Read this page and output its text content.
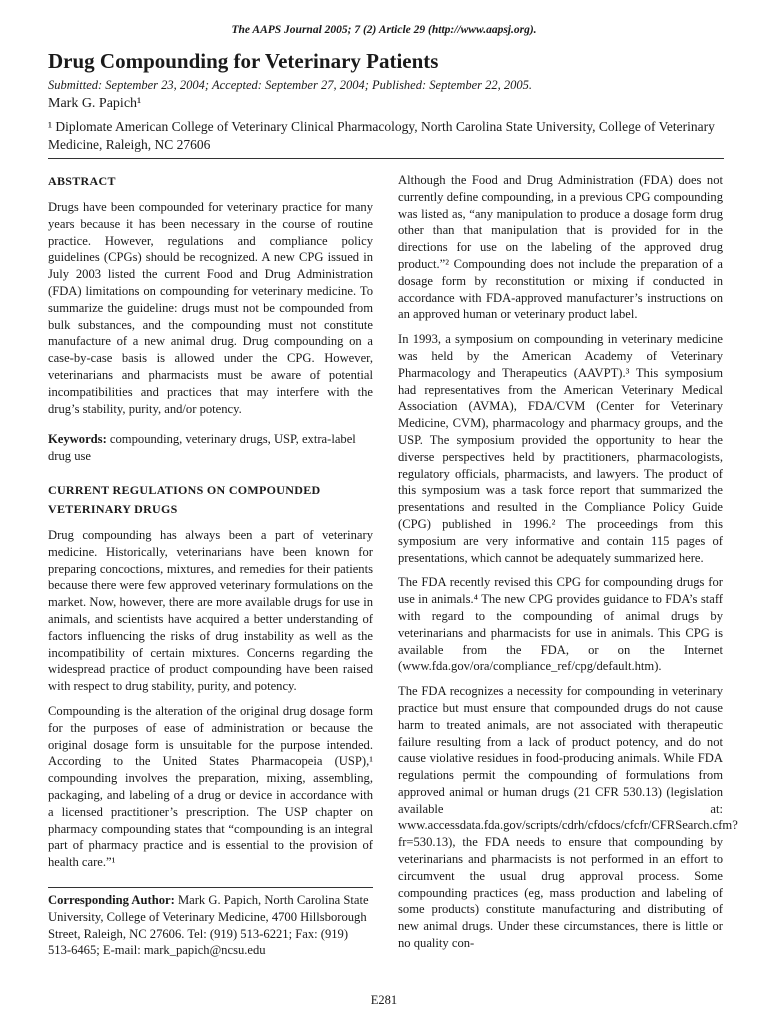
The AAPS Journal 2005; 7 (2) Article 29 (http://www.aapsj.org).
Drug Compounding for Veterinary Patients
Submitted: September 23, 2004; Accepted: September 27, 2004; Published: September 22, 2005.
Mark G. Papich¹
¹ Diplomate American College of Veterinary Clinical Pharmacology, North Carolina State University, College of Veterinary Medicine, Raleigh, NC 27606
ABSTRACT

Drugs have been compounded for veterinary practice for many years because it has been necessary in the course of routine practice. However, regulations and compliance policy guidelines (CPGs) should be recognized. A new CPG issued in July 2003 listed the current Food and Drug Administration (FDA) limitations on compounding for veterinary medicine. To summarize the guideline: drugs must not be compounded from bulk substances, and the compounding must not constitute manufacture of a new animal drug. Drug compounding on a case-by-case basis is allowed under the CPG. However, veterinarians and pharmacists must be aware of potential incompatibilities and practices that may interfere with the drug’s stability, purity, and/or potency.

Keywords: compounding, veterinary drugs, USP, extra-label drug use

CURRENT REGULATIONS ON COMPOUNDED VETERINARY DRUGS

Drug compounding has always been a part of veterinary medicine. Historically, veterinarians have been known for preparing concoctions, mixtures, and remedies for their patients because there were few approved veterinary formulations on the market. Now, however, there are more available drugs for use in animals, and scientists have acquired a better understanding of factors influencing the risks of drug instability as well as the incompatibility of certain mixtures. Concerns regarding the widespread practice of product compounding have been raised with respect to drug stability, purity, and potency.

Compounding is the alteration of the original drug dosage form for the purposes of ease of administration or because the original dosage form is unsuitable for the purpose intended. According to the United States Pharmacopeia (USP),¹ compounding involves the preparation, mixing, assembling, packaging, and labeling of a drug or device in accordance with a licensed practitioner’s prescription. The USP chapter on pharmacy compounding states that “compounding is an integral part of pharmacy practice and is essential to the provision of health care.”¹

Corresponding Author: Mark G. Papich, North Carolina State University, College of Veterinary Medicine, 4700 Hillsborough Street, Raleigh, NC 27606. Tel: (919) 513-6221; Fax: (919) 513-6465; E-mail: mark_papich@ncsu.edu

Although the Food and Drug Administration (FDA) does not currently define compounding, in a previous CPG compounding was listed as, “any manipulation to produce a dosage form drug other than that manipulation that is provided for in the directions for use on the labeling of the approved drug product.”² Compounding does not include the preparation of a dosage form by reconstitution or mixing if conducted in accordance with FDA-approved manufacturer’s instructions on an approved human or veterinary product label.

In 1993, a symposium on compounding in veterinary medicine was held by the American Academy of Veterinary Pharmacology and Therapeutics (AAVPT).³ This symposium had representatives from the American Veterinary Medical Association (AVMA), FDA/CVM (Center for Veterinary Medicine, CVM), pharmacology and pharmacy groups, and the USP. The symposium provided the opportunity to hear the diverse perspectives held by practitioners, pharmacologists, regulatory officials, pharmacists, and lawyers. The product of this symposium was a task force report that summarized the presentations and resulted in the Compliance Policy Guide (CPG) published in 1996.² The proceedings from this symposium are very informative and contain 115 pages of presentations, which cannot be adequately summarized here.

The FDA recently revised this CPG for compounding drugs for use in animals.⁴ The new CPG provides guidance to FDA’s staff with regard to the compounding of animal drugs by veterinarians and pharmacists for use in animals. This CPG is available from the FDA, or on the Internet (www.fda.gov/ora/compliance_ref/cpg/default.htm).

The FDA recognizes a necessity for compounding in veterinary practice but must ensure that compounded drugs do not cause harm to treated animals, are not associated with therapeutic failure resulting from a lack of product potency, and do not cause violative residues in food-producing animals. While FDA regulations permit the compounding of formulations from approved animal or human drugs (21 CFR 530.13) (legislation available at: www.accessdata.fda.gov/scripts/cdrh/cfdocs/cfcfr/CFRSearch.cfm?fr=530.13), the FDA needs to ensure that compounding by veterinarians and pharmacists is not performed in an effort to circumvent the usual drug approval process. Some compounding practices (eg, mass production and labeling of some products) constitute manufacturing and distributing of new animal drugs. Under these circumstances, there is little or no quality con-

E281
